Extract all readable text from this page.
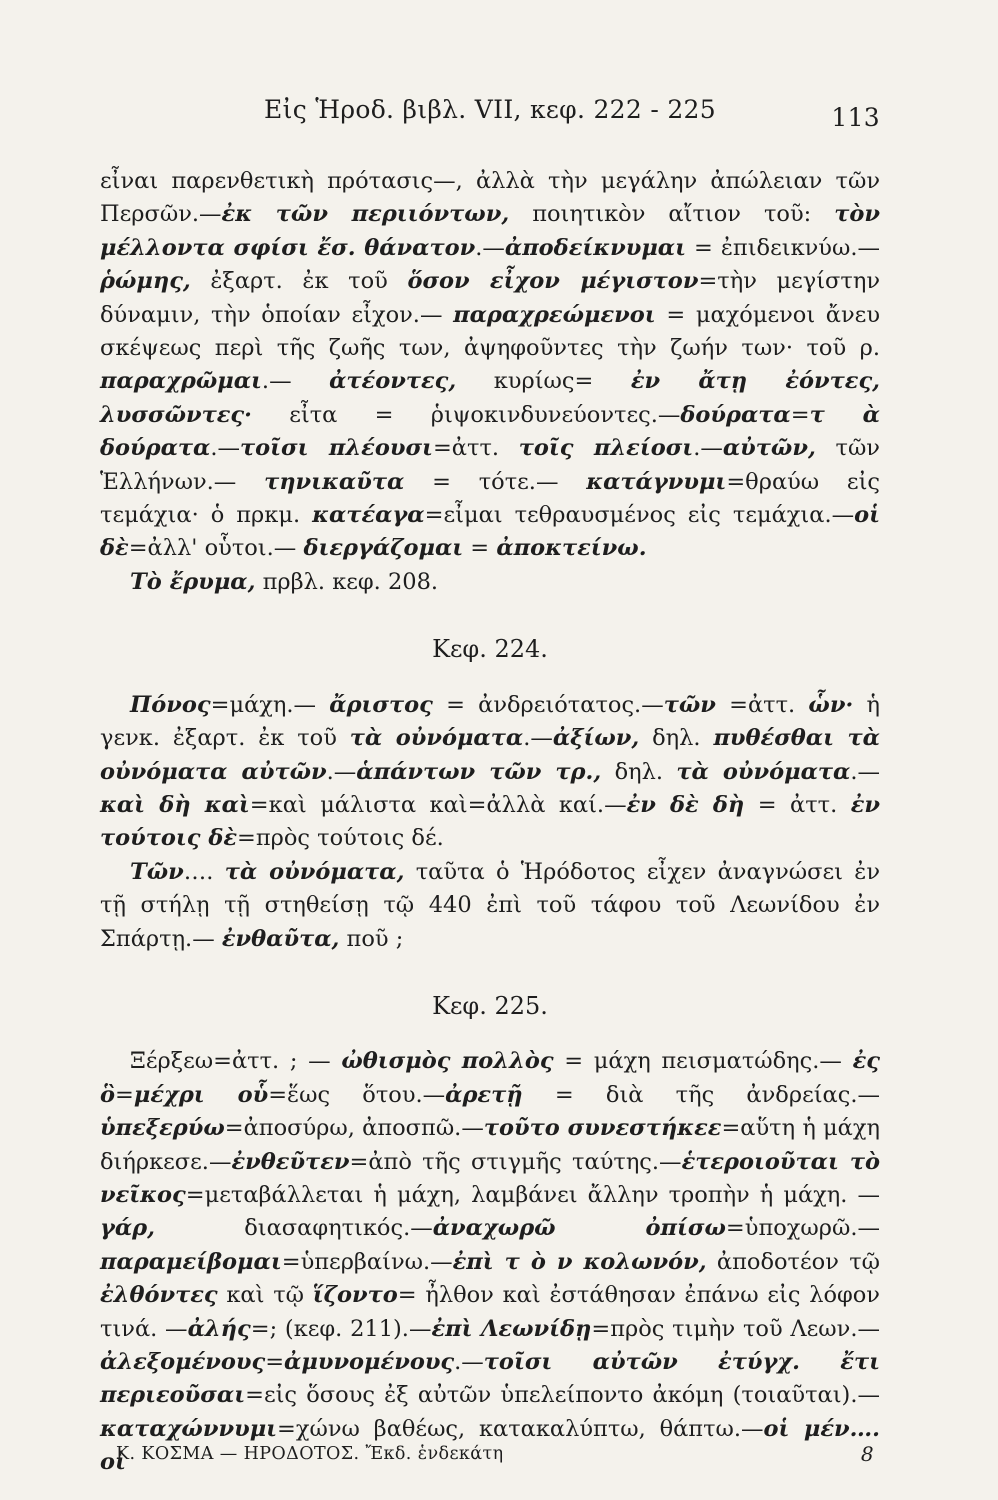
Εἰς Ἡροδ. βιβλ. VII, κεφ. 222 - 225	113

εἶναι παρενθετικὴ πρότασις—, ἀλλὰ τὴν μεγάλην ἀπώλειαν τῶν Περσῶν.—ἐκ τῶν περιιόντων, ποιητικὸν αἴτιον τοῦ: τὸν μέλλοντα σφίσι ἔσ. θάνατον.—ἀποδείκνυμαι = ἐπιδεικνύω.—ῥώμης, ἐξαρτ. ἐκ τοῦ ὅσον εἶχον μέγιστον=τὴν μεγίστην δύναμιν, τὴν ὁποίαν εἶχον.— παραχρεώμενοι = μαχόμενοι ἄνευ σκέψεως περὶ τῆς ζωῆς των, ἀψηφοῦντες τὴν ζωήν των· τοῦ ρ. παραχρῶμαι.— ἀτέοντες, κυρίως= ἐν ἄτῃ ἐόντες, λυσσῶντες· εἶτα = ῥιψοκινδυνεύοντες.—δούρατα=τ ὰ δούρατα.—τοῖσι πλέουσι=ἀττ. τοῖς πλείοσι.—αὐτῶν, τῶν Ἑλλήνων.— τηνικαῦτα = τότε.— κατάγνυμι=θραύω εἰς τεμάχια· ὁ πρκμ. κατέαγα=εἶμαι τεθραυσμένος εἰς τεμάχια.—οἱ δὲ=ἀλλ' οὗτοι.— διεργάζομαι = ἀποκτείνω.

Τὸ ἔρυμα, πρβλ. κεφ. 208.

Κεφ. 224.

Πόνος=μάχη.— ἄριστος = ἀνδρειότατος.—τῶν =ἀττ. ὧν· ἡ γενκ. ἐξαρτ. ἐκ τοῦ τὰ οὐνόματα.—ἀξίων, δηλ. πυθέσθαι τὰ οὐνόματα αὐτῶν.—ἁπάντων τῶν τρ., δηλ. τὰ οὐνόματα.— καὶ δὴ καὶ=καὶ μάλιστα καὶ=ἀλλὰ καί.—ἐν δὲ δὴ = ἀττ. ἐν τούτοις δὲ=πρὸς τούτοις δέ.

Τῶν…. τὰ οὐνόματα, ταῦτα ὁ Ἡρόδοτος εἶχεν ἀναγνώσει ἐν τῇ στήλῃ τῇ στηθείσῃ τῷ 440 ἐπὶ τοῦ τάφου τοῦ Λεωνίδου ἐν Σπάρτῃ.— ἐνθαῦτα, ποῦ ;

Κεφ. 225.

Ξέρξεω=ἀττ. ; — ὠθισμὸς πολλὸς = μάχη πεισματώδης.— ἐς ὃ=μέχρι οὗ=ἕως ὅτου.—ἀρετῇ = διὰ τῆς ἀνδρείας.— ὑπεξερύω=ἀποσύρω, ἀποσπῶ.—τοῦτο συνεστήκεε=αὕτη ἡ μάχη διήρκεσε.—ἐνθεῦτεν=ἀπὸ τῆς στιγμῆς ταύτης.—ἑτεροιοῦται τὸ νεῖκος=μεταβάλλεται ἡ μάχη, λαμβάνει ἄλλην τροπὴν ἡ μάχη. —γάρ, διασαφητικός.—ἀναχωρῶ ὀπίσω=ὑποχωρῶ.— παραμείβομαι=ὑπερβαίνω.—ἐπὶ τ ὸ ν κολωνόν, ἀποδοτέον τῷ ἐλθόντες καὶ τῷ ἵζοντο= ἦλθον καὶ ἐστάθησαν ἐπάνω εἰς λόφον τινά. —ἀλής=; (κεφ. 211).—ἐπὶ Λεωνίδῃ=πρὸς τιμὴν τοῦ Λεων.— ἀλεξομένους=ἀμυνομένους.—τοῖσι αὐτῶν ἐτύγχ. ἔτι περιεοῦσαι=εἰς ὅσους ἐξ αὐτῶν ὑπελείποντο ἀκόμη (τοιαῦται).—καταχώννυμι=χώνω βαθέως, κατακαλύπτω, θάπτω.—οἱ μέν…. οἱ

Κ. ΚΟΣΜΑ — ΗΡΟΔΟΤΟΣ. Ἔκδ. ἑνδεκάτη	8
